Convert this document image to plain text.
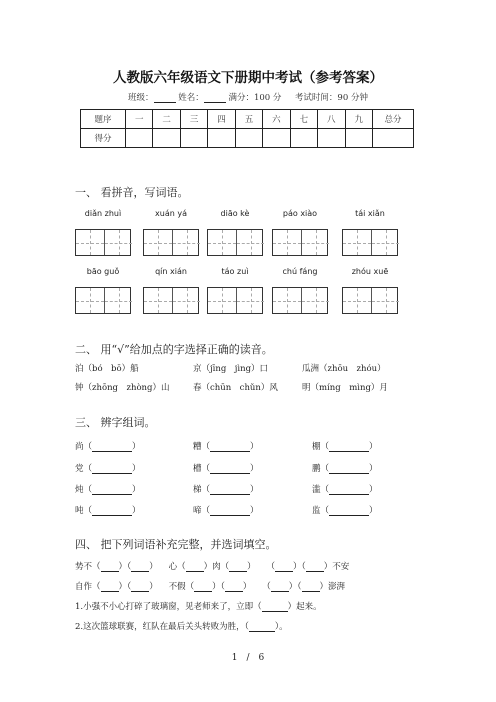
人教版六年级语文下册期中考试（参考答案）
班级：	姓名：	满分：100 分 考试时间：90 分钟
题序	一	二	三	四	五	六	七	八	九	总分
得分										
一、 看拼音，写词语。
diǎn zhuì	xuán yá	diāo kè	páo xiào	tái xiǎn
bāo guǒ	qín xián	táo zuì	chú fáng	zhóu xuē
二、 用“√”给加点的字选择正确的读音。
泊（bó　bō）船	京（jīng　jìng）口	瓜洲（zhōu　zhóu）
钟（zhōng　zhòng）山	春（chūn　chǔn）风	明（míng　mìng）月
三、 辨字组词。
尚（	）	糟（	）	棚（	）
党（	）	槽（	）	鹏（	）
炖（	）	梯（	）	滥（	）
吨（	）	啼（	）	监（	）
四、 把下列词语补充完整，并选词填空。
势不（ ）（ ） 心（ ）肉（ ） （ ）（ ）不安
自作（ ）（ ） 不假（ ）（ ） （ ）（ ）澎湃
1.小强不小心打碎了玻璃窗，见老师来了，立即（	）起来。
2.这次篮球联赛，红队在最后关头转败为胜，（	）。
1　/　6
